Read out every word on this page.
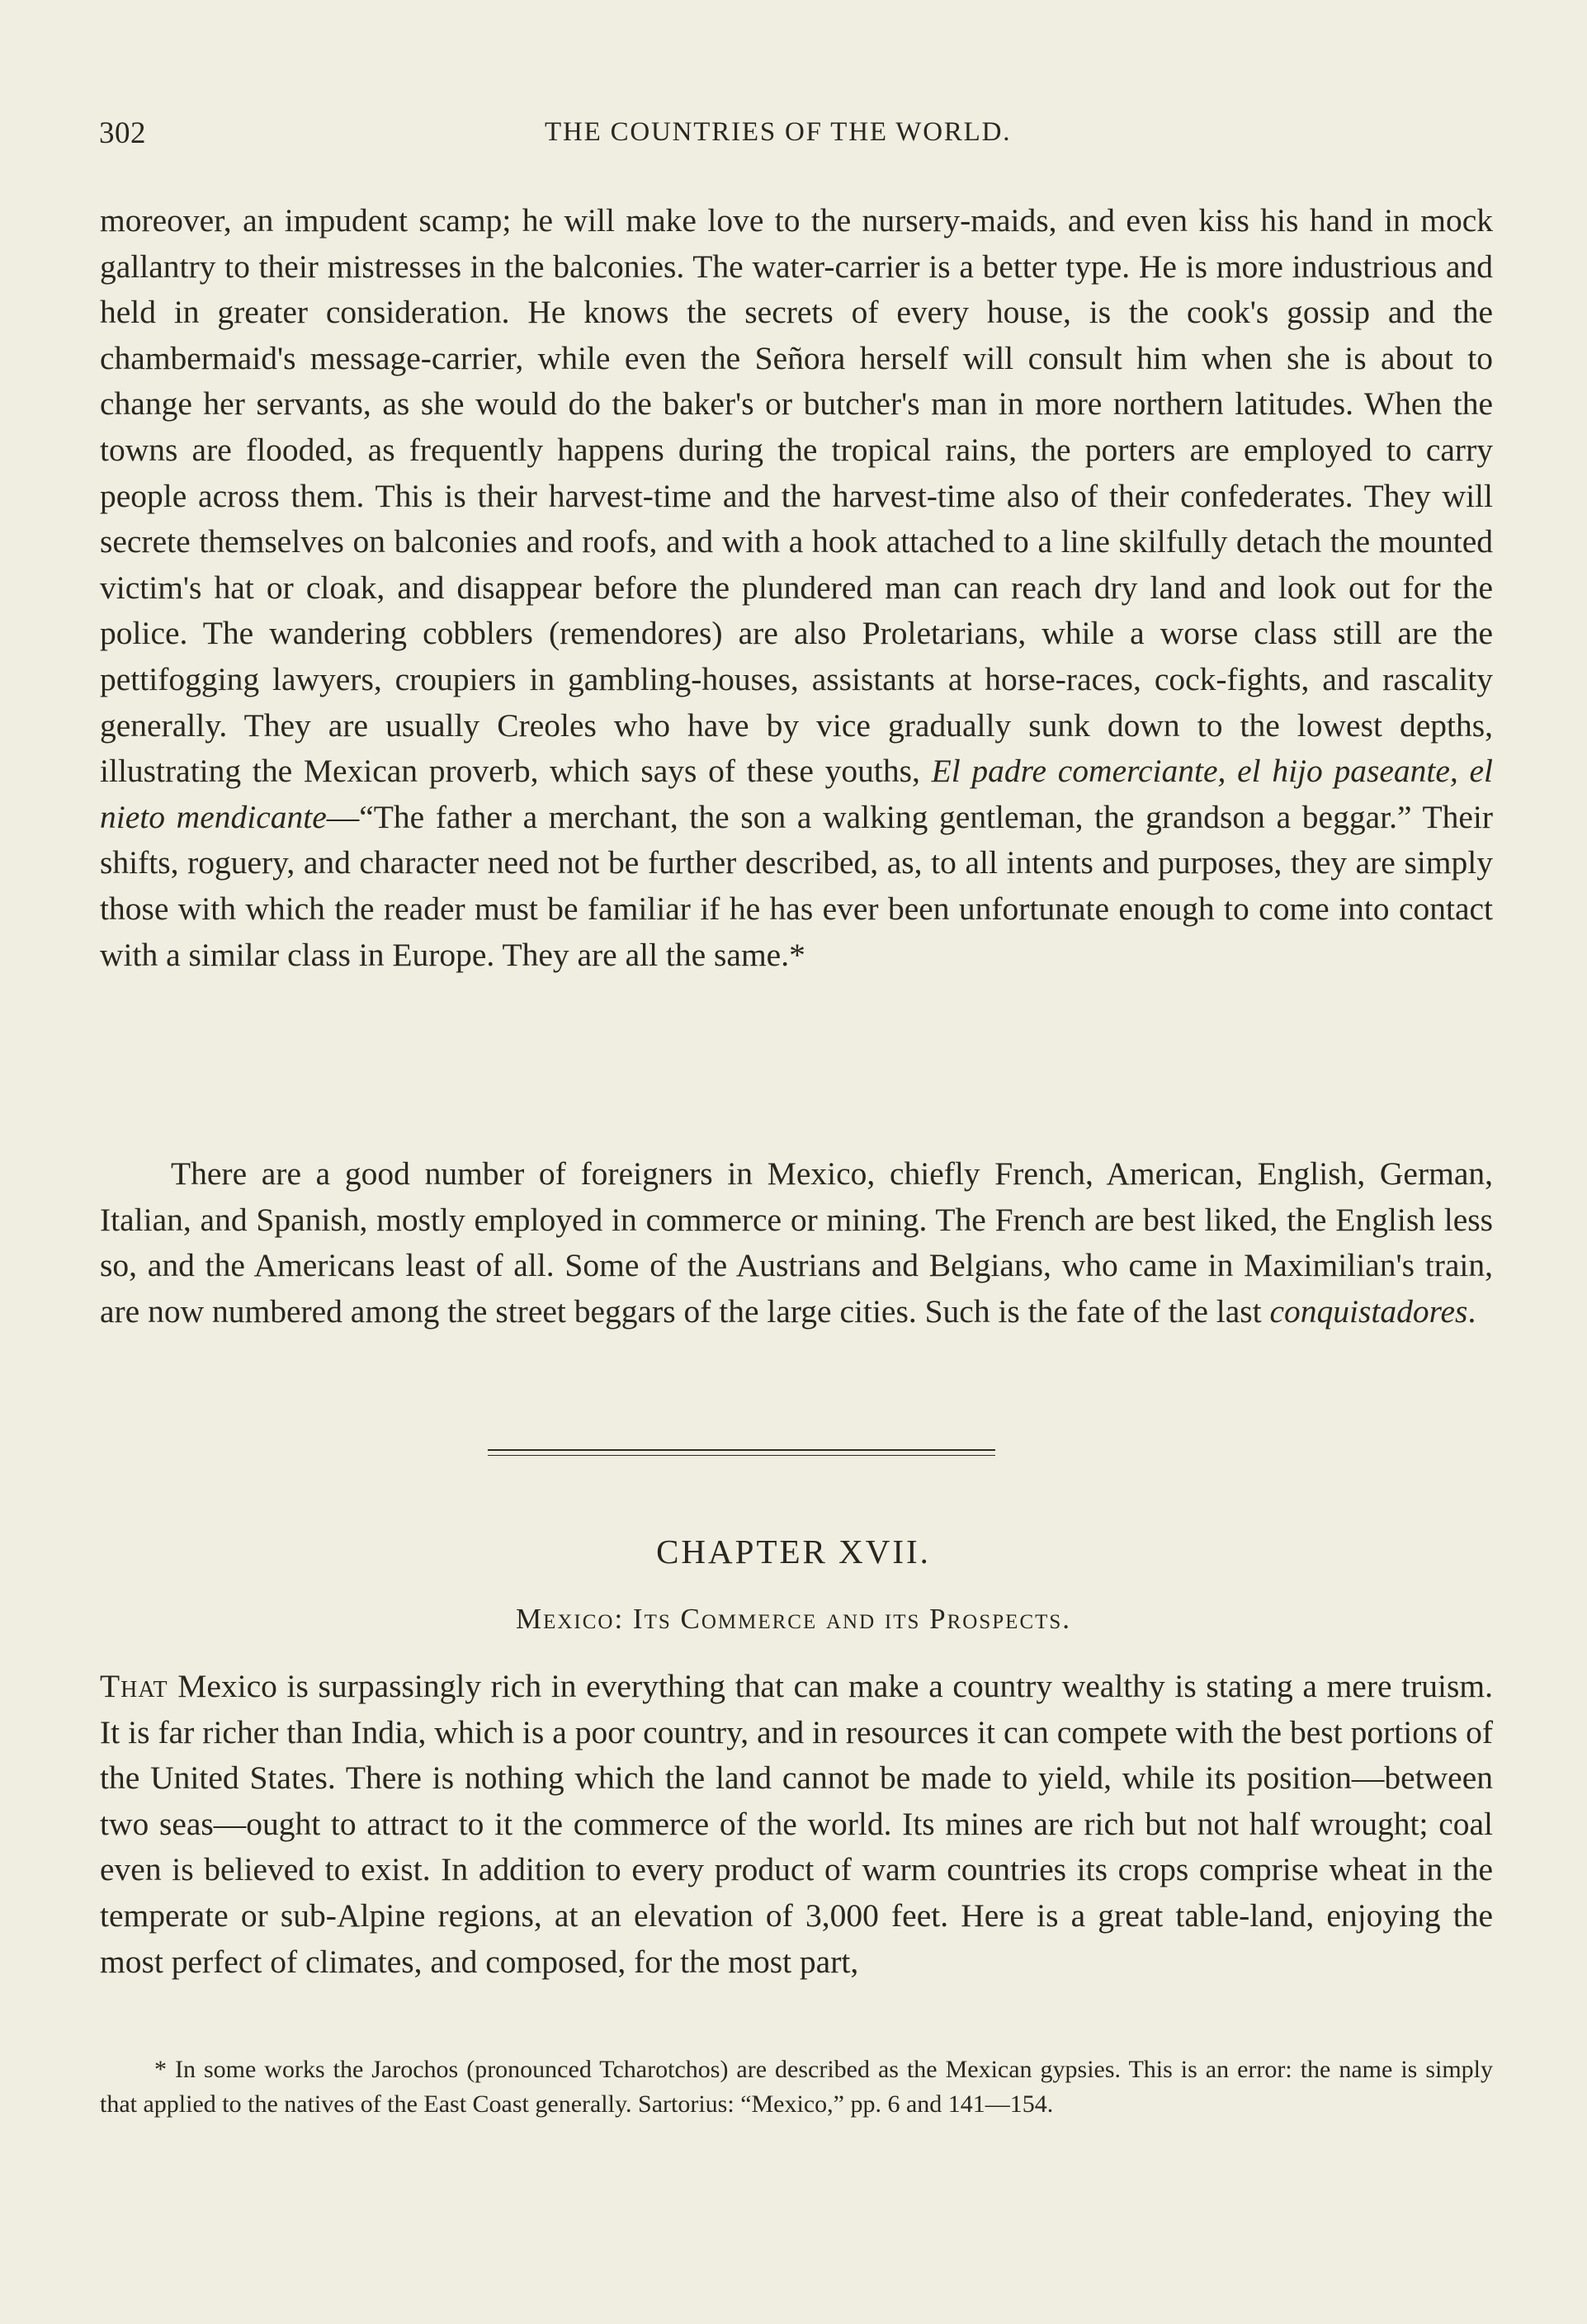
302	THE COUNTRIES OF THE WORLD.

moreover, an impudent scamp; he will make love to the nursery-maids, and even kiss his hand in mock gallantry to their mistresses in the balconies. The water-carrier is a better type. He is more industrious and held in greater consideration. He knows the secrets of every house, is the cook's gossip and the chambermaid's message-carrier, while even the Señora herself will consult him when she is about to change her servants, as she would do the baker's or butcher's man in more northern latitudes. When the towns are flooded, as frequently happens during the tropical rains, the porters are employed to carry people across them. This is their harvest-time and the harvest-time also of their confederates. They will secrete themselves on balconies and roofs, and with a hook attached to a line skilfully detach the mounted victim's hat or cloak, and disappear before the plundered man can reach dry land and look out for the police. The wandering cobblers (remendores) are also Proletarians, while a worse class still are the pettifogging lawyers, croupiers in gambling-houses, assistants at horse-races, cock-fights, and rascality generally. They are usually Creoles who have by vice gradually sunk down to the lowest depths, illustrating the Mexican proverb, which says of these youths, El padre comerciante, el hijo paseante, el nieto mendicante—“The father a merchant, the son a walking gentleman, the grandson a beggar.” Their shifts, roguery, and character need not be further described, as, to all intents and purposes, they are simply those with which the reader must be familiar if he has ever been unfortunate enough to come into contact with a similar class in Europe. They are all the same.*

There are a good number of foreigners in Mexico, chiefly French, American, English, German, Italian, and Spanish, mostly employed in commerce or mining. The French are best liked, the English less so, and the Americans least of all. Some of the Austrians and Belgians, who came in Maximilian's train, are now numbered among the street beggars of the large cities. Such is the fate of the last conquistadores.

CHAPTER XVII.
Mexico: Its Commerce and its Prospects.

That Mexico is surpassingly rich in everything that can make a country wealthy is stating a mere truism. It is far richer than India, which is a poor country, and in resources it can compete with the best portions of the United States. There is nothing which the land cannot be made to yield, while its position—between two seas—ought to attract to it the commerce of the world. Its mines are rich but not half wrought; coal even is believed to exist. In addition to every product of warm countries its crops comprise wheat in the temperate or sub-Alpine regions, at an elevation of 3,000 feet. Here is a great table-land, enjoying the most perfect of climates, and composed, for the most part,

* In some works the Jarochos (pronounced Tcharotchos) are described as the Mexican gypsies. This is an error: the name is simply that applied to the natives of the East Coast generally. Sartorius: “Mexico,” pp. 6 and 141—154.
